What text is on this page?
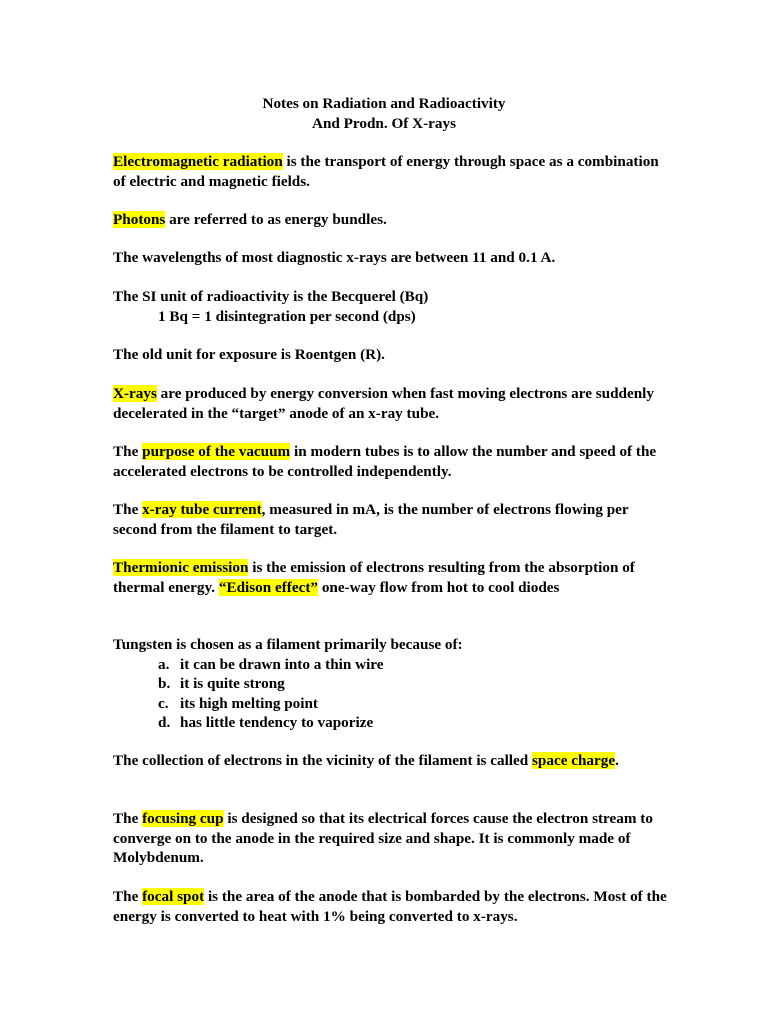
Notes on Radiation and Radioactivity
And Prodn. Of X-rays
Electromagnetic radiation is the transport of energy through space as a combination of electric and magnetic fields.
Photons are referred to as energy bundles.
The wavelengths of most diagnostic x-rays are between 11 and 0.1 A.
The SI unit of radioactivity is the Becquerel (Bq)
1 Bq = 1 disintegration per second (dps)
The old unit for exposure is Roentgen (R).
X-rays are produced by energy conversion when fast moving electrons are suddenly decelerated in the “target” anode of an x-ray tube.
The purpose of the vacuum in modern tubes is to allow the number and speed of the accelerated electrons to be controlled independently.
The x-ray tube current, measured in mA, is the number of electrons flowing per second from the filament to target.
Thermionic emission is the emission of electrons resulting from the absorption of thermal energy. “Edison effect” one-way flow from hot to cool diodes
Tungsten is chosen as a filament primarily because of:
a. it can be drawn into a thin wire
b. it is quite strong
c. its high melting point
d. has little tendency to vaporize
The collection of electrons in the vicinity of the filament is called space charge.
The focusing cup is designed so that its electrical forces cause the electron stream to converge on to the anode in the required size and shape. It is commonly made of Molybdenum.
The focal spot is the area of the anode that is bombarded by the electrons. Most of the energy is converted to heat with 1% being converted to x-rays.
